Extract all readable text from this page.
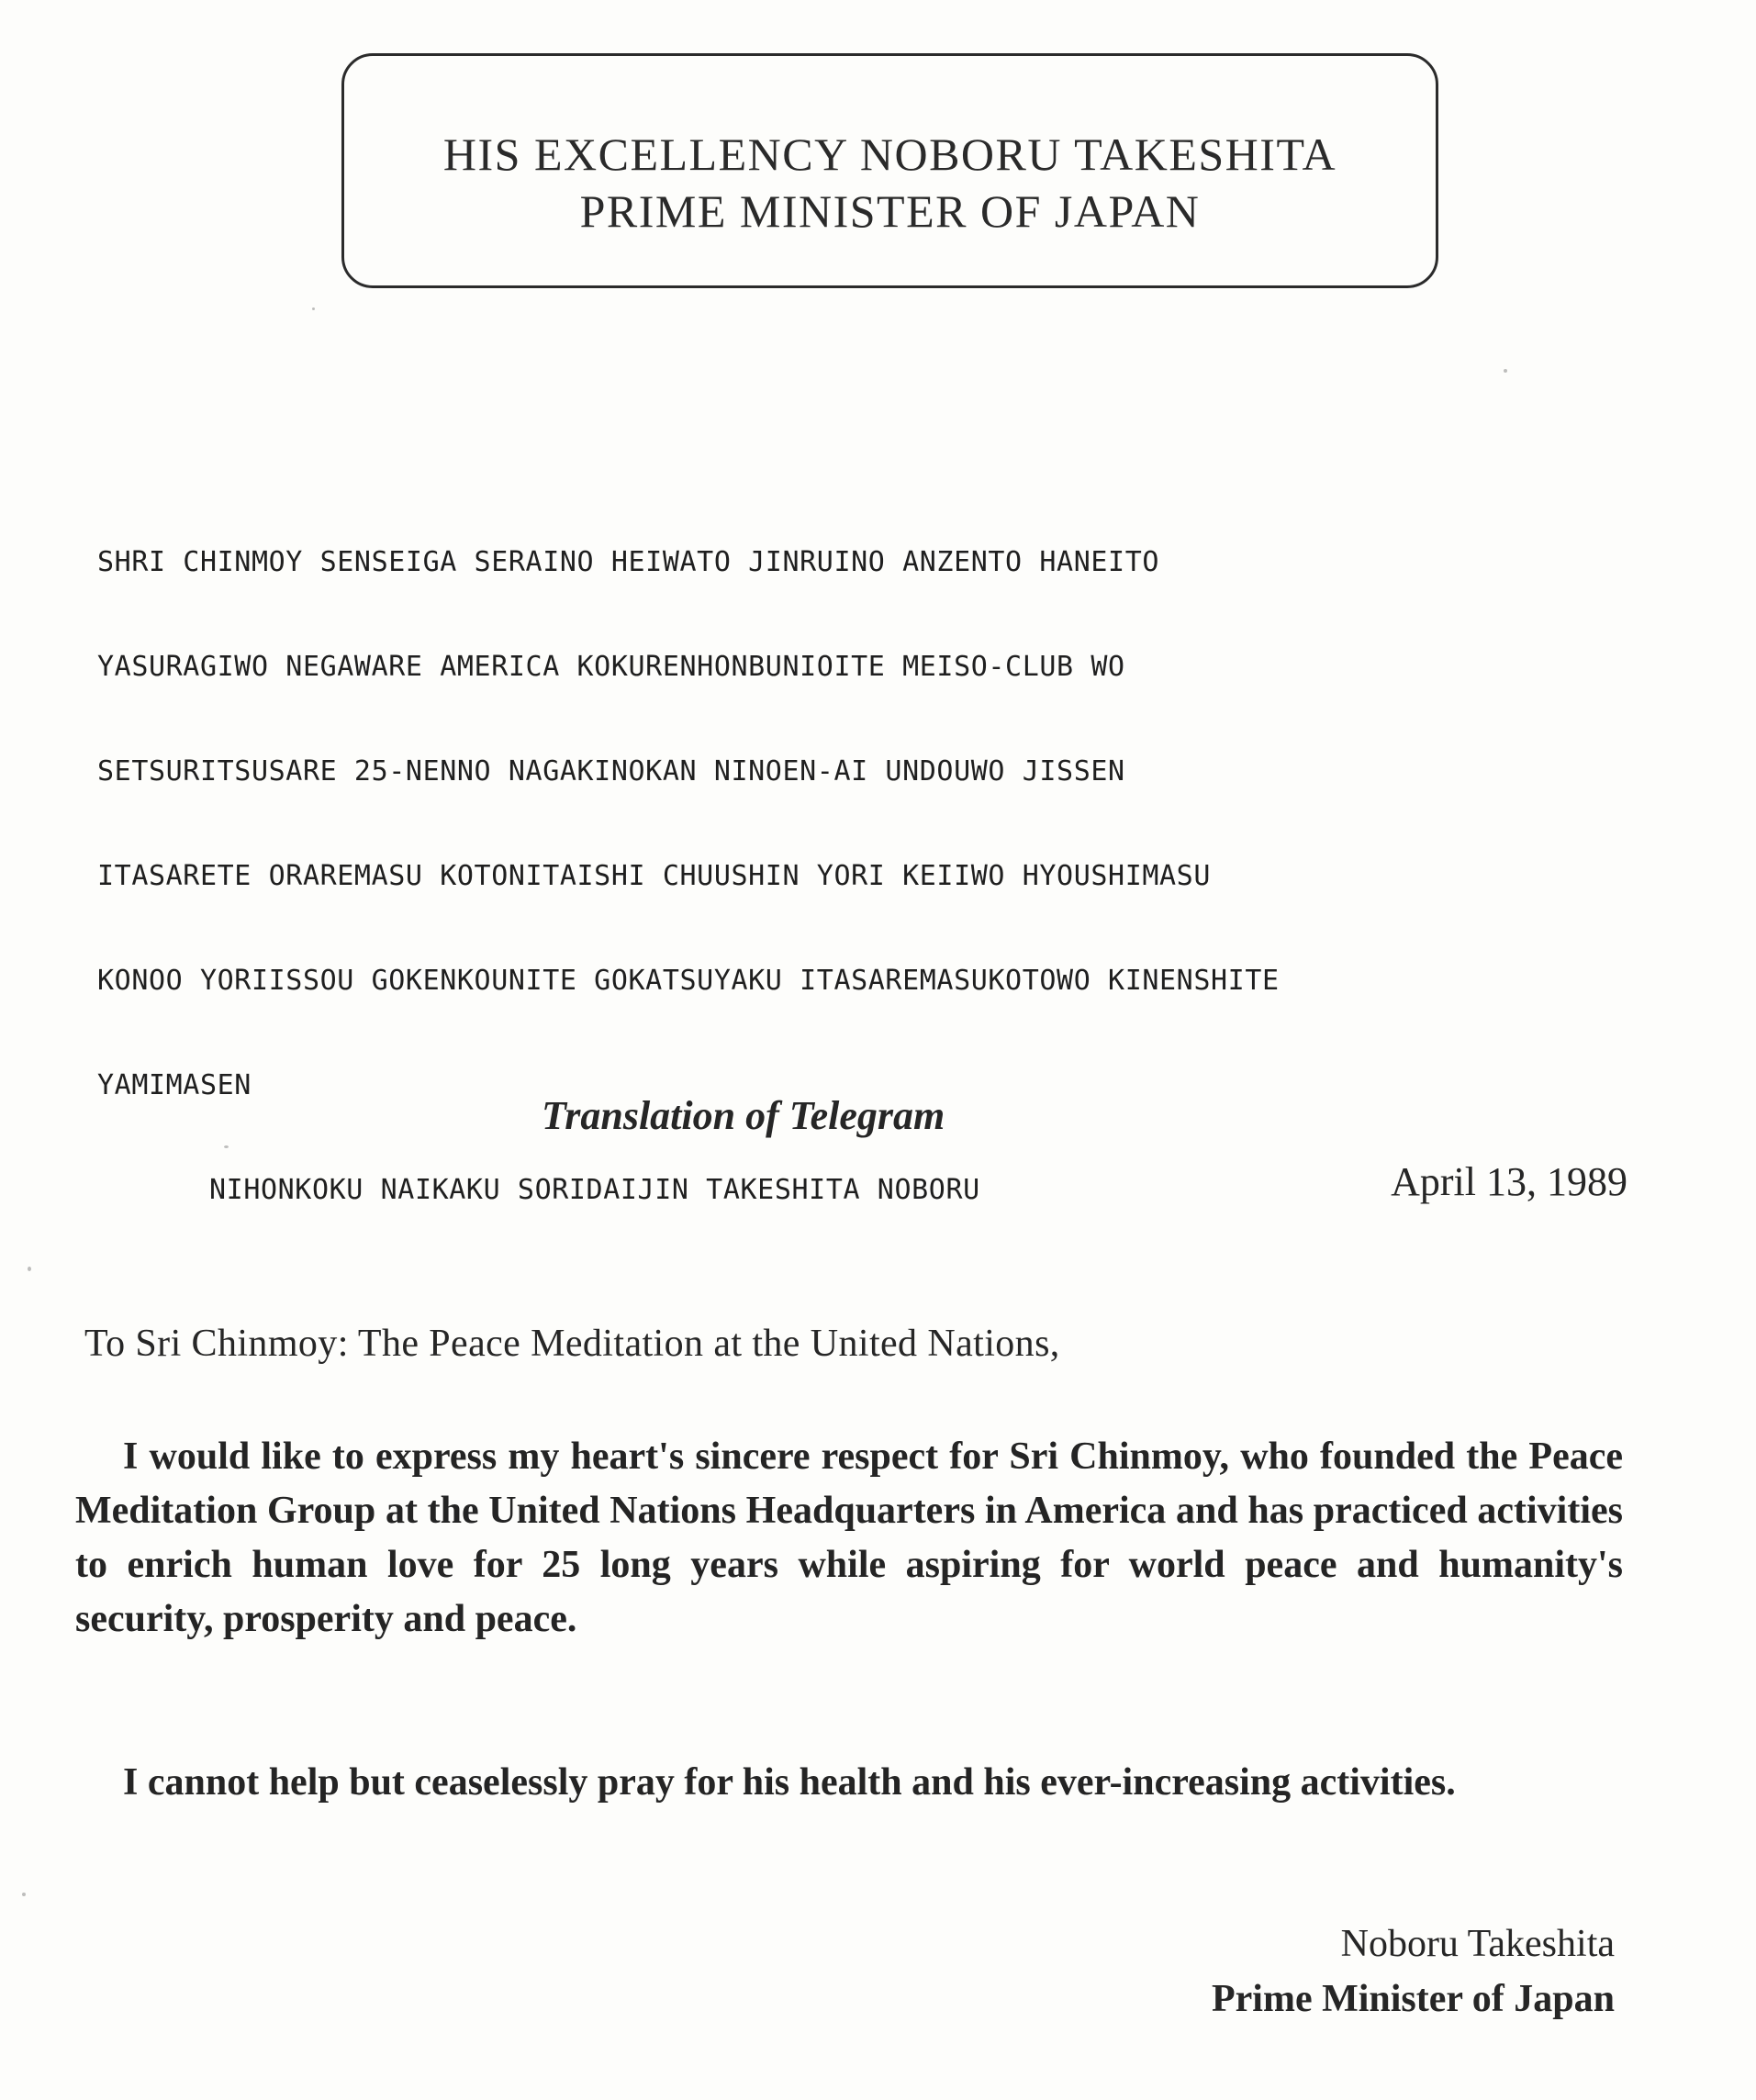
HIS EXCELLENCY NOBORU TAKESHITA
PRIME MINISTER OF JAPAN

SHRI CHINMOY SENSEIGA SERAINO HEIWATO JINRUINO ANZENTO HANEITO

YASURAGIWO NEGAWARE AMERICA KOKURENHONBUNIOITE MEISO-CLUB WO

SETSURITSUSARE 25-NENNO NAGAKINOKAN NINOEN-AI UNDOUWO JISSEN

ITASARETE ORAREMASU KOTONITAISHI CHUUSHIN YORI KEIIWO HYOUSHIMASU

KONOO YORIISSOU GOKENKOUNITE GOKATSUYAKU ITASAREMASUKOTOWO KINENSHITE

YAMIMASEN

NIHONKOKU NAIKAKU SORIDAIJIN TAKESHITA NOBORU

Translation of Telegram
April 13, 1989
To Sri Chinmoy: The Peace Meditation at the United Nations,

I would like to express my heart's sincere respect for Sri Chinmoy, who founded the Peace Meditation Group at the United Nations Headquarters in America and has practiced activities to enrich human love for 25 long years while aspiring for world peace and humanity's security, prosperity and peace.

I cannot help but ceaselessly pray for his health and his ever-increasing activities.

Noboru Takeshita
Prime Minister of Japan
